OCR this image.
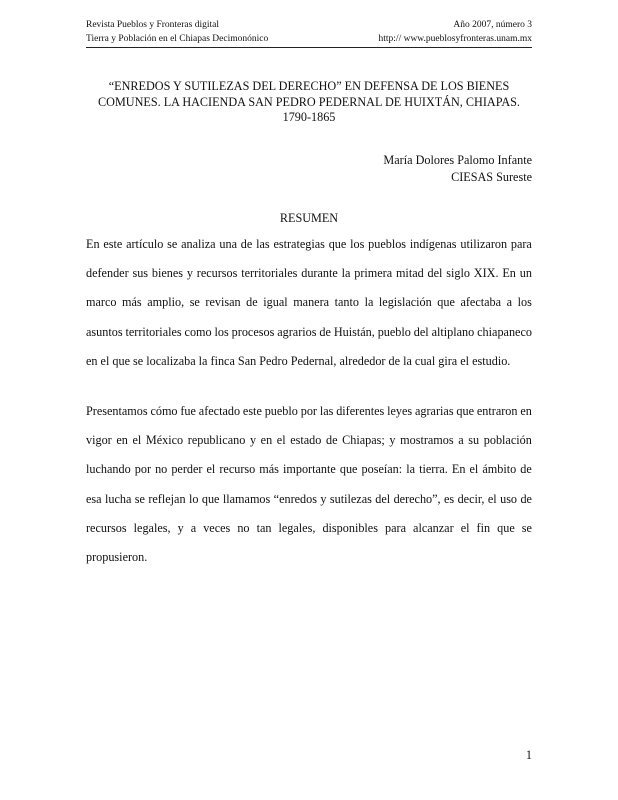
Revista Pueblos y Fronteras digital	Año 2007, número 3
Tierra y Población en el Chiapas Decimonónico	http:// www.pueblosyfronteras.unam.mx
“ENREDOS Y SUTILEZAS DEL DERECHO” EN DEFENSA DE LOS BIENES
COMUNES. LA HACIENDA SAN PEDRO PEDERNAL DE HUIXTÁN, CHIAPAS.
1790-1865
María Dolores Palomo Infante
CIESAS Sureste
RESUMEN
En este artículo se analiza una de las estrategias que los pueblos indígenas utilizaron para
defender sus bienes y recursos territoriales durante la primera mitad del siglo XIX. En un
marco más amplio, se revisan de igual manera tanto la legislación que afectaba a los
asuntos territoriales como los procesos agrarios de Huistán, pueblo del altiplano chiapaneco
en el que se localizaba la finca San Pedro Pedernal, alrededor de la cual gira el estudio.
Presentamos cómo fue afectado este pueblo por las diferentes leyes agrarias que entraron en
vigor en el México republicano y en el estado de Chiapas; y mostramos a su población
luchando por no perder el recurso más importante que poseían: la tierra. En el ámbito de
esa lucha se reflejan lo que llamamos “enredos y sutilezas del derecho”, es decir, el uso de
recursos legales, y a veces no tan legales, disponibles para alcanzar el fin que se
propusieron.
1
